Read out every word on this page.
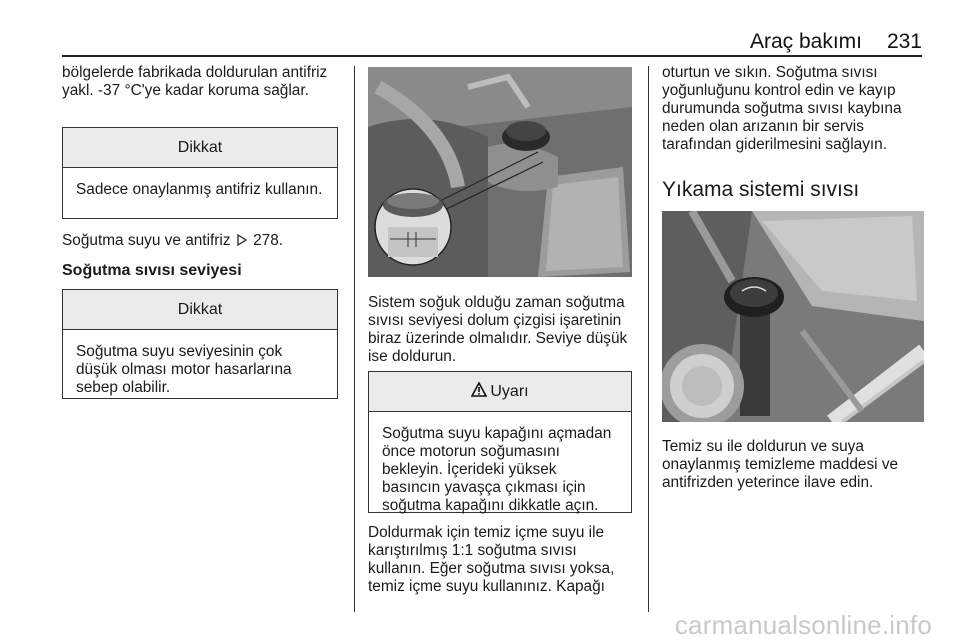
Araç bakımı 231

bölgelerde fabrikada doldurulan antifriz yakl. -37 °C'ye kadar koruma sağlar.

Dikkat
Sadece onaylanmış antifriz kullanın.
Soğutma suyu ve antifriz 278.
Soğutma sıvısı seviyesi
Dikkat
Soğutma suyu seviyesinin çok düşük olması motor hasarlarına sebep olabilir.

Sistem soğuk olduğu zaman soğutma sıvısı seviyesi dolum çizgisi işaretinin biraz üzerinde olmalıdır. Seviye düşük ise doldurun.

Uyarı
Soğutma suyu kapağını açmadan önce motorun soğumasını bekleyin. İçerideki yüksek basıncın yavaşça çıkması için soğutma kapağını dikkatle açın.

Doldurmak için temiz içme suyu ile karıştırılmış 1:1 soğutma sıvısı kullanın. Eğer soğutma sıvısı yoksa, temiz içme suyu kullanınız. Kapağı

oturtun ve sıkın. Soğutma sıvısı yoğunluğunu kontrol edin ve kayıp durumunda soğutma sıvısı kaybına neden olan arızanın bir servis tarafından giderilmesini sağlayın.

Yıkama sistemi sıvısı

Temiz su ile doldurun ve suya onaylanmış temizleme maddesi ve antifrizden yeterince ilave edin.

carmanualsonline.info
